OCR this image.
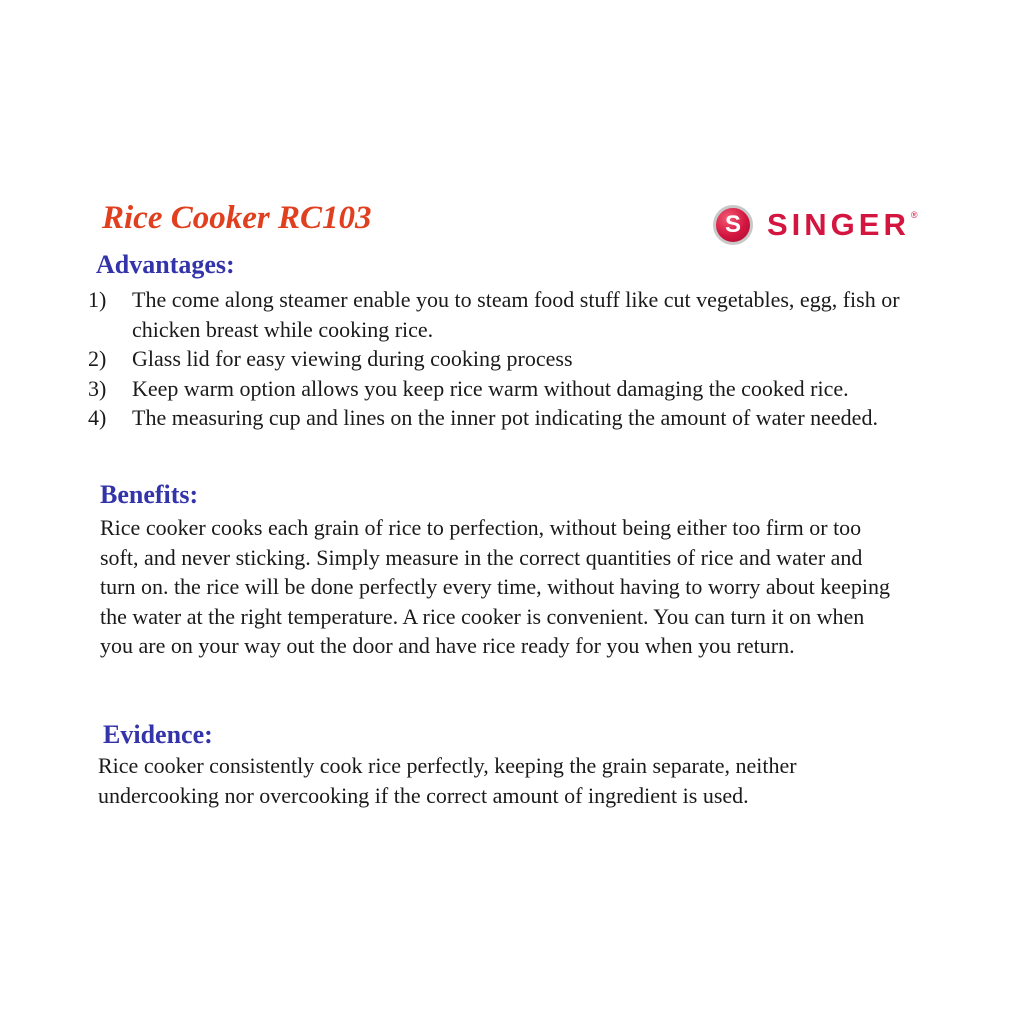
Rice Cooker RC103	S SINGER ®
Advantages:
1)	The come along steamer enable you to steam food stuff like cut vegetables, egg, fish or chicken breast while cooking rice.
2)	Glass lid for easy viewing during cooking process
3)	Keep warm option allows you keep rice warm without damaging the cooked rice.
4)	The measuring cup and lines on the inner pot indicating the amount of water needed.
Benefits:

Rice cooker cooks each grain of rice to perfection, without being either too firm or too soft, and never sticking. Simply measure in the correct quantities of rice and water and turn on. the rice will be done perfectly every time, without having to worry about keeping the water at the right temperature. A rice cooker is convenient. You can turn it on when you are on your way out the door and have rice ready for you when you return.

Evidence:

Rice cooker consistently cook rice perfectly, keeping the grain separate, neither undercooking nor overcooking if the correct amount of ingredient is used.
